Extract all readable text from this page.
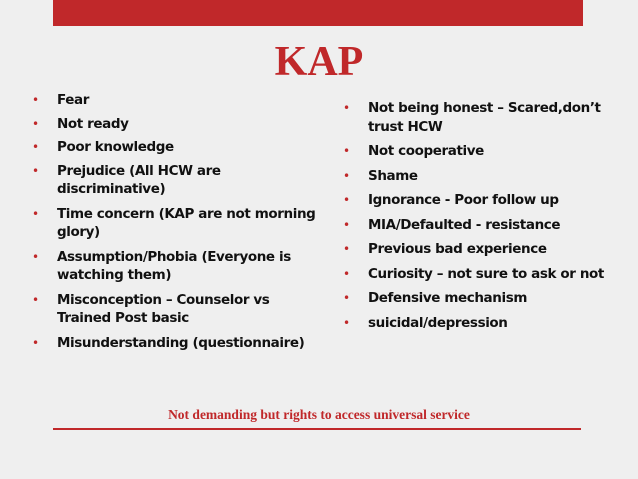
KAP
• Fear
• Not ready
• Poor knowledge
• Prejudice (All HCW are discriminative)
• Time concern (KAP are not morning glory)
• Assumption/Phobia (Everyone is watching them)
• Misconception – Counselor vs Trained Post basic
• Misunderstanding (questionnaire)
• Not being honest – Scared,don’t trust HCW
• Not cooperative
• Shame
• Ignorance - Poor follow up
• MIA/Defaulted - resistance
• Previous bad experience
• Curiosity – not sure to ask or not
• Defensive mechanism
• suicidal/depression
Not demanding but rights to access universal service
